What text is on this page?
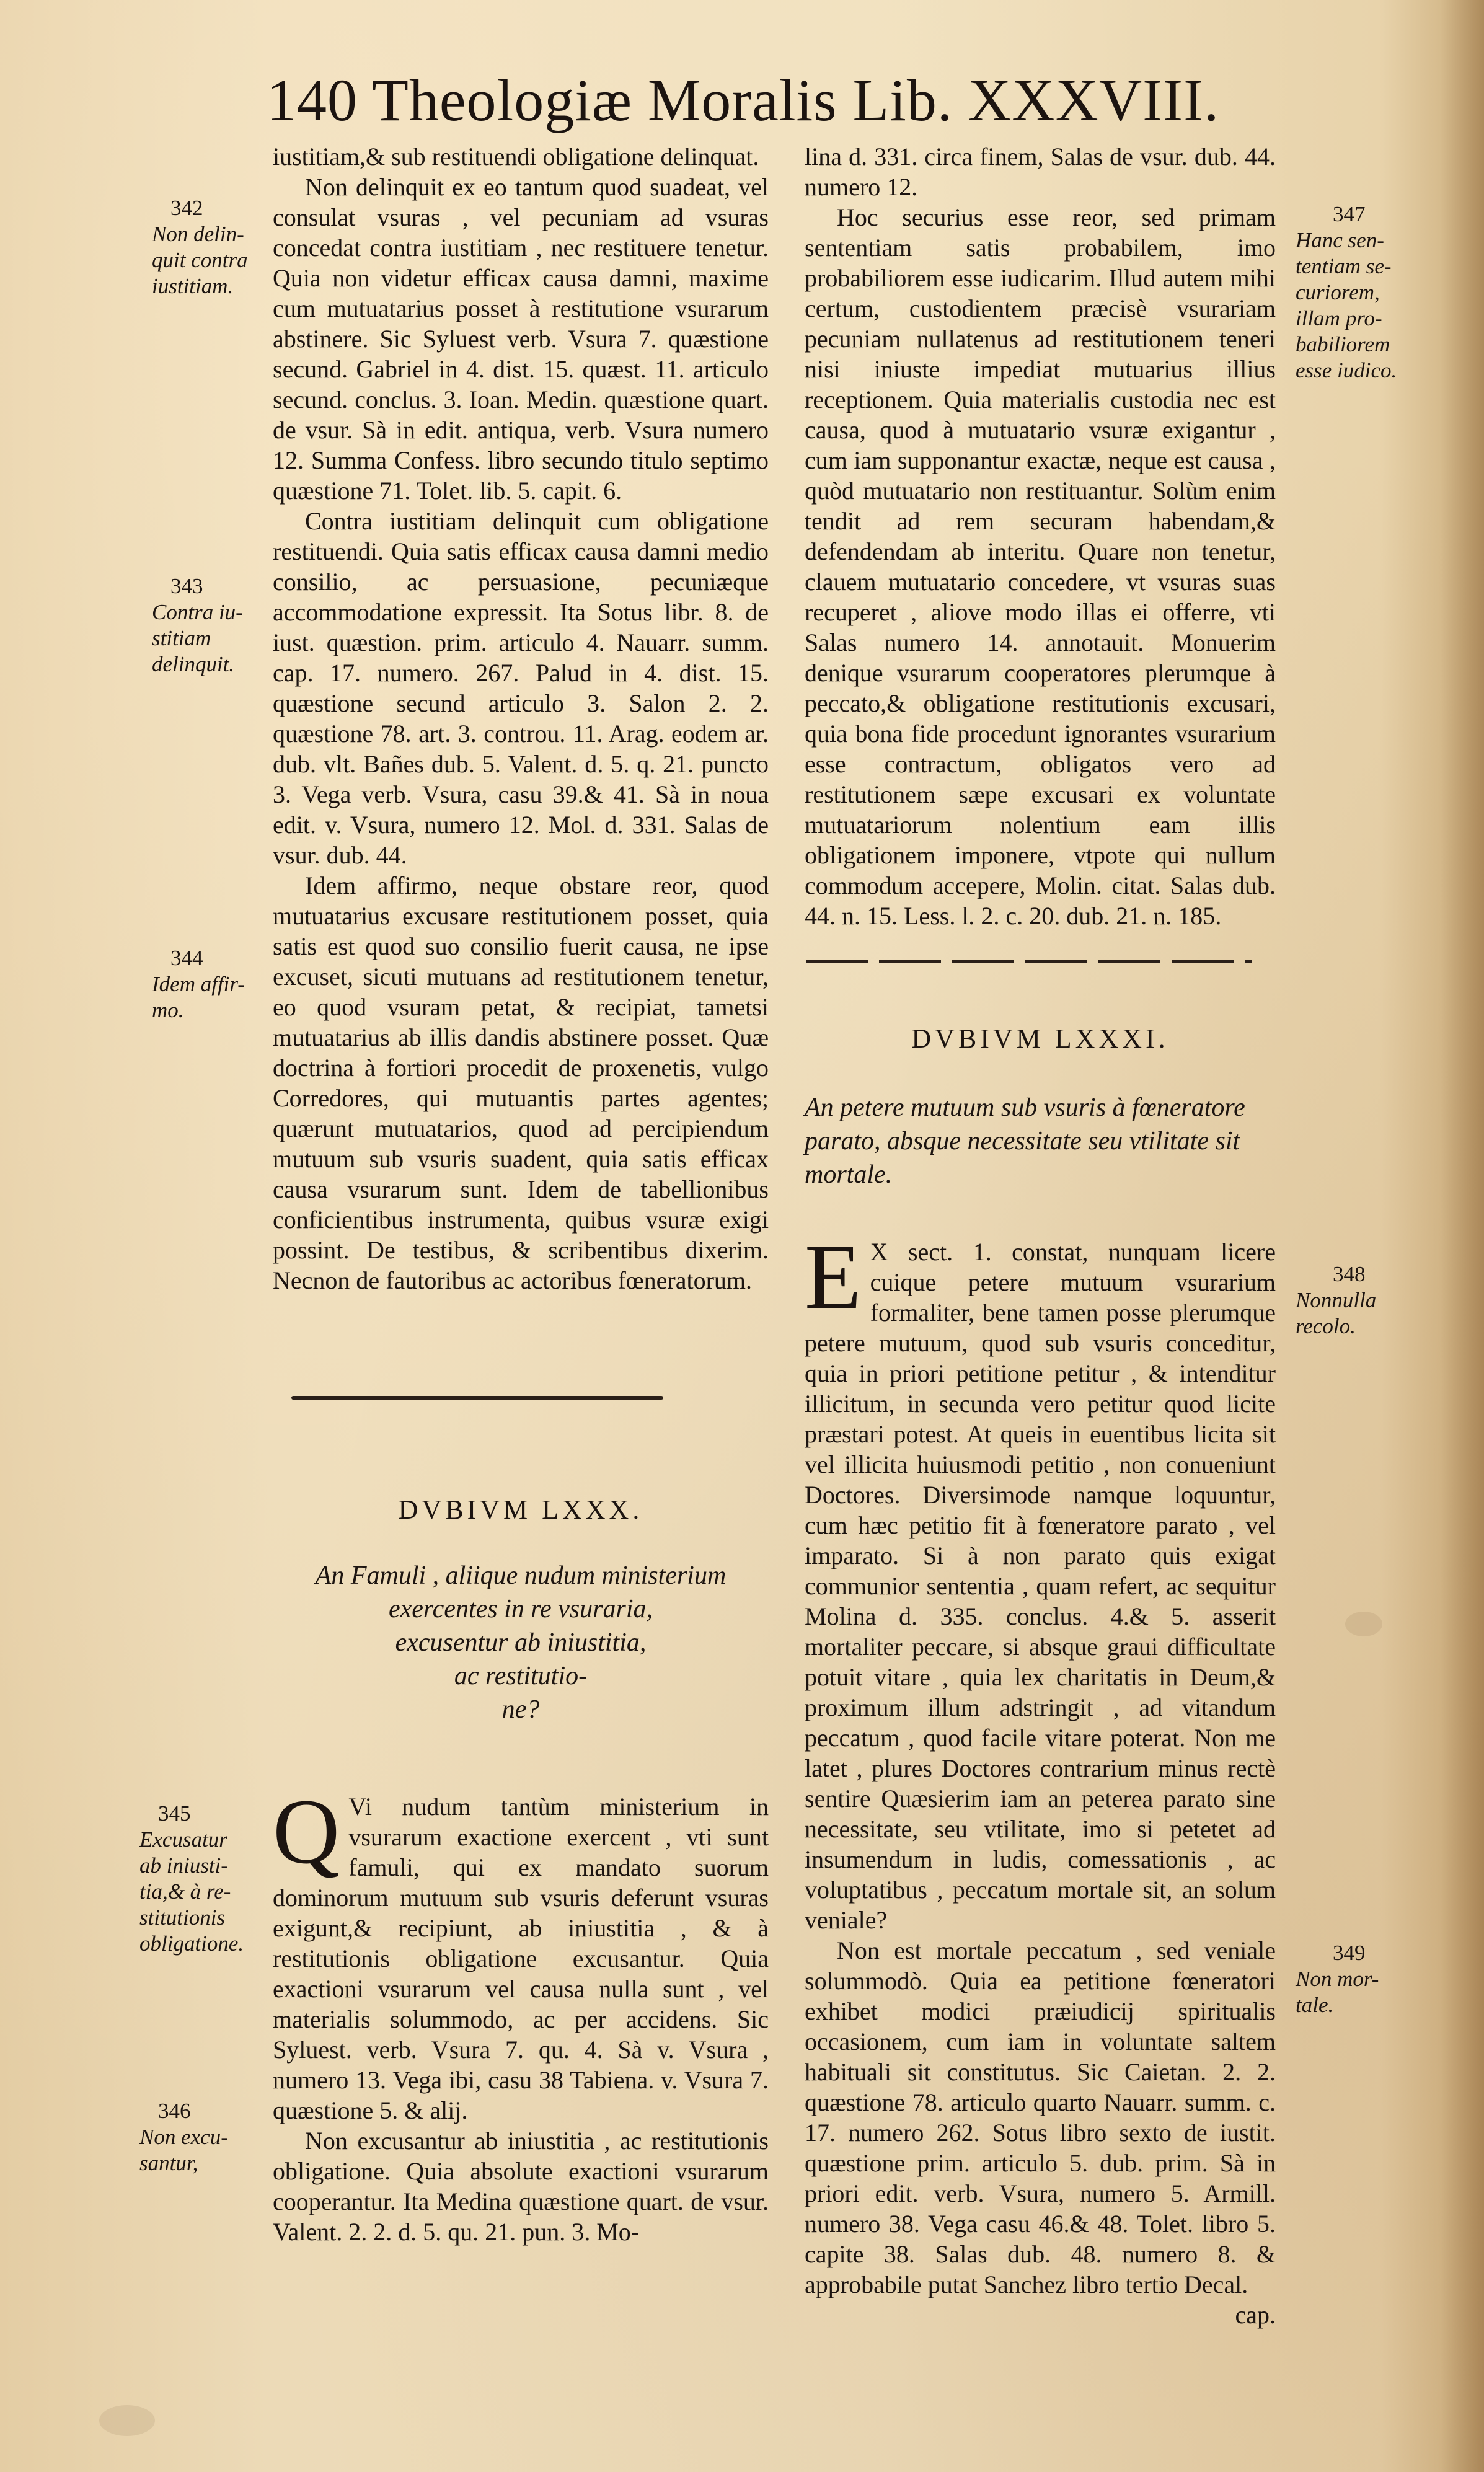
140 Theologiæ Moralis Lib. XXXVIII.

iustitiam,& sub restituendi obligatione delinquat.

Non delinquit ex eo tantum quod suadeat, vel consulat vsuras , vel pecuniam ad vsuras concedat contra iustitiam , nec restituere tenetur. Quia non videtur efficax causa damni, maxime cum mutuatarius posset à restitutione vsurarum abstinere. Sic Syluest verb. Vsura 7. quæstione secund. Gabriel in 4. dist. 15. quæst. 11. articulo secund. conclus. 3. Ioan. Medin. quæstione quart. de vsur. Sà in edit. antiqua, verb. Vsura numero 12. Summa Confess. libro secundo titulo septimo quæstione 71. Tolet. lib. 5. capit. 6.

Contra iustitiam delinquit cum obligatione restituendi. Quia satis efficax causa damni medio consilio, ac persuasione, pecuniæque accommodatione expressit. Ita Sotus libr. 8. de iust. quæstion. prim. articulo 4. Nauarr. summ. cap. 17. numero. 267. Palud in 4. dist. 15. quæstione secund articulo 3. Salon 2. 2. quæstione 78. art. 3. controu. 11. Arag. eodem ar. dub. vlt. Bañes dub. 5. Valent. d. 5. q. 21. puncto 3. Vega verb. Vsura, casu 39.& 41. Sà in noua edit. v. Vsura, numero 12. Mol. d. 331. Salas de vsur. dub. 44.

Idem affirmo, neque obstare reor, quod mutuatarius excusare restitutionem posset, quia satis est quod suo consilio fuerit causa, ne ipse excuset, sicuti mutuans ad restitutionem tenetur, eo quod vsuram petat, & recipiat, tametsi mutuatarius ab illis dandis abstinere posset. Quæ doctrina à fortiori procedit de proxenetis, vulgo Corredores, qui mutuantis partes agentes; quærunt mutuatarios, quod ad percipiendum mutuum sub vsuris suadent, quia satis efficax causa vsurarum sunt. Idem de tabellionibus conficientibus instrumenta, quibus vsuræ exigi possint. De testibus, & scribentibus dixerim. Necnon de fautoribus ac actoribus fœneratorum.

DVBIVM LXXX.
An Famuli , aliique nudum ministerium exercentes in re vsuraria,
excusentur ab iniustitia,
ac restitutio-
ne?

Q Vi nudum tantùm ministerium in vsurarum exactione exercent , vti sunt famuli, qui ex mandato suorum dominorum mutuum sub vsuris deferunt vsuras exigunt,& recipiunt, ab iniustitia , & à restitutionis obligatione excusantur. Quia exactioni vsurarum vel causa nulla sunt , vel materialis solummodo, ac per accidens. Sic Syluest. verb. Vsura 7. qu. 4. Sà v. Vsura , numero 13. Vega ibi, casu 38 Tabiena. v. Vsura 7. quæstione 5. & alij.

Non excusantur ab iniustitia , ac restitutionis obligatione. Quia absolute exactioni vsurarum cooperantur. Ita Medina quæstione quart. de vsur. Valent. 2. 2. d. 5. qu. 21. pun. 3. Mo-

lina d. 331. circa finem, Salas de vsur. dub. 44. numero 12.

Hoc securius esse reor, sed primam sententiam satis probabilem, imo probabiliorem esse iudicarim. Illud autem mihi certum, custodientem præcisè vsurariam pecuniam nullatenus ad restitutionem teneri nisi iniuste impediat mutuarius illius receptionem. Quia materialis custodia nec est causa, quod à mutuatario vsuræ exigantur , cum iam supponantur exactæ, neque est causa , quòd mutuatario non restituantur. Solùm enim tendit ad rem securam habendam,& defendendam ab interitu. Quare non tenetur, clauem mutuatario concedere, vt vsuras suas recuperet , aliove modo illas ei offerre, vti Salas numero 14. annotauit. Monuerim denique vsurarum cooperatores plerumque à peccato,& obligatione restitutionis excusari, quia bona fide procedunt ignorantes vsurarium esse contractum, obligatos vero ad restitutionem sæpe excusari ex voluntate mutuatariorum nolentium eam illis obligationem imponere, vtpote qui nullum commodum accepere, Molin. citat. Salas dub. 44. n. 15. Less. l. 2. c. 20. dub. 21. n. 185.

DVBIVM LXXXI.
An petere mutuum sub vsuris à fœneratore parato, absque necessitate seu vtilitate sit mortale.

E X sect. 1. constat, nunquam licere cuique petere mutuum vsurarium formaliter, bene tamen posse plerumque petere mutuum, quod sub vsuris conceditur, quia in priori petitione petitur , & intenditur illicitum, in secunda vero petitur quod licite præstari potest. At queis in euentibus licita sit vel illicita huiusmodi petitio , non conueniunt Doctores. Diversimode namque loquuntur, cum hæc petitio fit à fœneratore parato , vel imparato. Si à non parato quis exigat communior sententia , quam refert, ac sequitur Molina d. 335. conclus. 4.& 5. asserit mortaliter peccare, si absque graui difficultate potuit vitare , quia lex charitatis in Deum,& proximum illum adstringit , ad vitandum peccatum , quod facile vitare poterat. Non me latet , plures Doctores contrarium minus rectè sentire Quæsierim iam an peterea parato sine necessitate, seu vtilitate, imo si petetet ad insumendum in ludis, comessationis , ac voluptatibus , peccatum mortale sit, an solum veniale?

Non est mortale peccatum , sed veniale solummodò. Quia ea petitione fœneratori exhibet modici præiudicij spiritualis occasionem, cum iam in voluntate saltem habituali sit constitutus. Sic Caietan. 2. 2. quæstione 78. articulo quarto Nauarr. summ. c. 17. numero 262. Sotus libro sexto de iustit. quæstione prim. articulo 5. dub. prim. Sà in priori edit. verb. Vsura, numero 5. Armill. numero 38. Vega casu 46.& 48. Tolet. libro 5. capite 38. Salas dub. 48. numero 8. & approbabile putat Sanchez libro tertio Decal.

cap.

342
Non delin-
quit contra
iustitiam.
343
Contra iu-
stitiam
delinquit.
344
Idem affir-
mo.
345
Excusatur
ab iniusti-
tia,& à re-
stitutionis
obligatione.
346
Non excu-
santur,
347
Hanc sen-
tentiam se-
curiorem,
illam pro-
babiliorem
esse iudico.
348
Nonnulla
recolo.
349
Non mor-
tale.
